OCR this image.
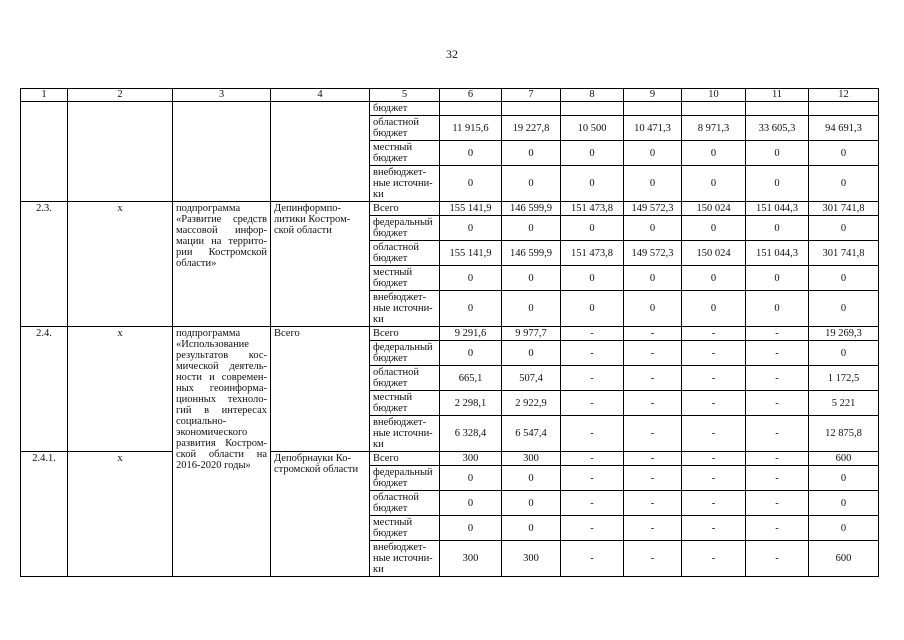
32
1	2	3	4	5	6	7	8	9	10	11	12
				бюджет							
				областной бюджет	11 915,6	19 227,8	10 500	10 471,3	8 971,3	33 605,3	94 691,3
				местный бюджет	0	0	0	0	0	0	0
				внебюджет-ные источни-ки	0	0	0	0	0	0	0
2.3.	х	подпрограмма «Развитие средств массовой инфор-мации на террито-рии Костромской области»	Депинформпо-литики Костром-ской области	Всего	155 141,9	146 599,9	151 473,8	149 572,3	150 024	151 044,3	301 741,8
				федеральный бюджет	0	0	0	0	0	0	0
				областной бюджет	155 141,9	146 599,9	151 473,8	149 572,3	150 024	151 044,3	301 741,8
				местный бюджет	0	0	0	0	0	0	0
				внебюджет-ные источни-ки	0	0	0	0	0	0	0
2.4.	х	подпрограмма «Использование результатов кос-мической деятель-ности и современ-ных геоинформа-ционных техноло-гий в интересах социально-экономического развития Костром-ской области на 2016-2020 годы»	Всего	Всего	9 291,6	9 977,7	-	-	-	-	19 269,3
				федеральный бюджет	0	0	-	-	-	-	0
				областной бюджет	665,1	507,4	-	-	-	-	1 172,5
				местный бюджет	2 298,1	2 922,9	-	-	-	-	5 221
				внебюджет-ные источни-ки	6 328,4	6 547,4	-	-	-	-	12 875,8
2.4.1.	х		Депобрнауки Ко-стромской области	Всего	300	300	-	-	-	-	600
				федеральный бюджет	0	0	-	-	-	-	0
				областной бюджет	0	0	-	-	-	-	0
				местный бюджет	0	0	-	-	-	-	0
				внебюджет-ные источни-ки	300	300	-	-	-	-	600
